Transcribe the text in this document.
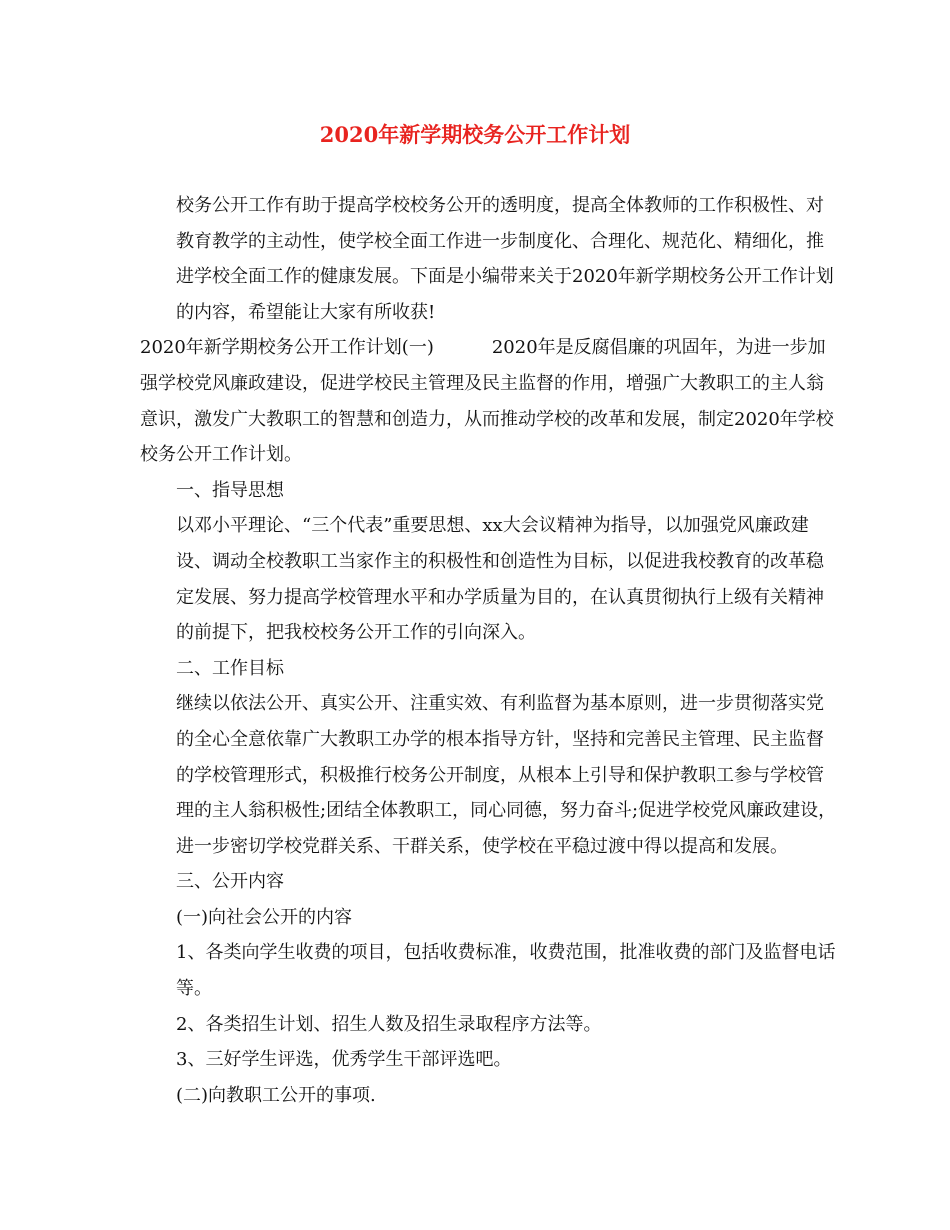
2020年新学期校务公开工作计划

校务公开工作有助于提高学校校务公开的透明度，提高全体教师的工作积极性、对教育教学的主动性，使学校全面工作进一步制度化、合理化、规范化、精细化，推进学校全面工作的健康发展。下面是小编带来关于2020年新学期校务公开工作计划的内容，希望能让大家有所收获!

2020年新学期校务公开工作计划(一)	2020年是反腐倡廉的巩固年，为进一步加强学校党风廉政建设，促进学校民主管理及民主监督的作用，增强广大教职工的主人翁意识，激发广大教职工的智慧和创造力，从而推动学校的改革和发展，制定2020年学校校务公开工作计划。

一、指导思想

以邓小平理论、“三个代表”重要思想、xx大会议精神为指导，以加强党风廉政建设、调动全校教职工当家作主的积极性和创造性为目标，以促进我校教育的改革稳定发展、努力提高学校管理水平和办学质量为目的，在认真贯彻执行上级有关精神的前提下，把我校校务公开工作的引向深入。

二、工作目标

继续以依法公开、真实公开、注重实效、有利监督为基本原则，进一步贯彻落实党的全心全意依靠广大教职工办学的根本指导方针，坚持和完善民主管理、民主监督的学校管理形式，积极推行校务公开制度，从根本上引导和保护教职工参与学校管理的主人翁积极性;团结全体教职工，同心同德，努力奋斗;促进学校党风廉政建设，进一步密切学校党群关系、干群关系，使学校在平稳过渡中得以提高和发展。

三、公开内容

(一)向社会公开的内容

1、各类向学生收费的项目，包括收费标准，收费范围，批准收费的部门及监督电话等。

2、各类招生计划、招生人数及招生录取程序方法等。

3、三好学生评选，优秀学生干部评选吧。

(二)向教职工公开的事项.
